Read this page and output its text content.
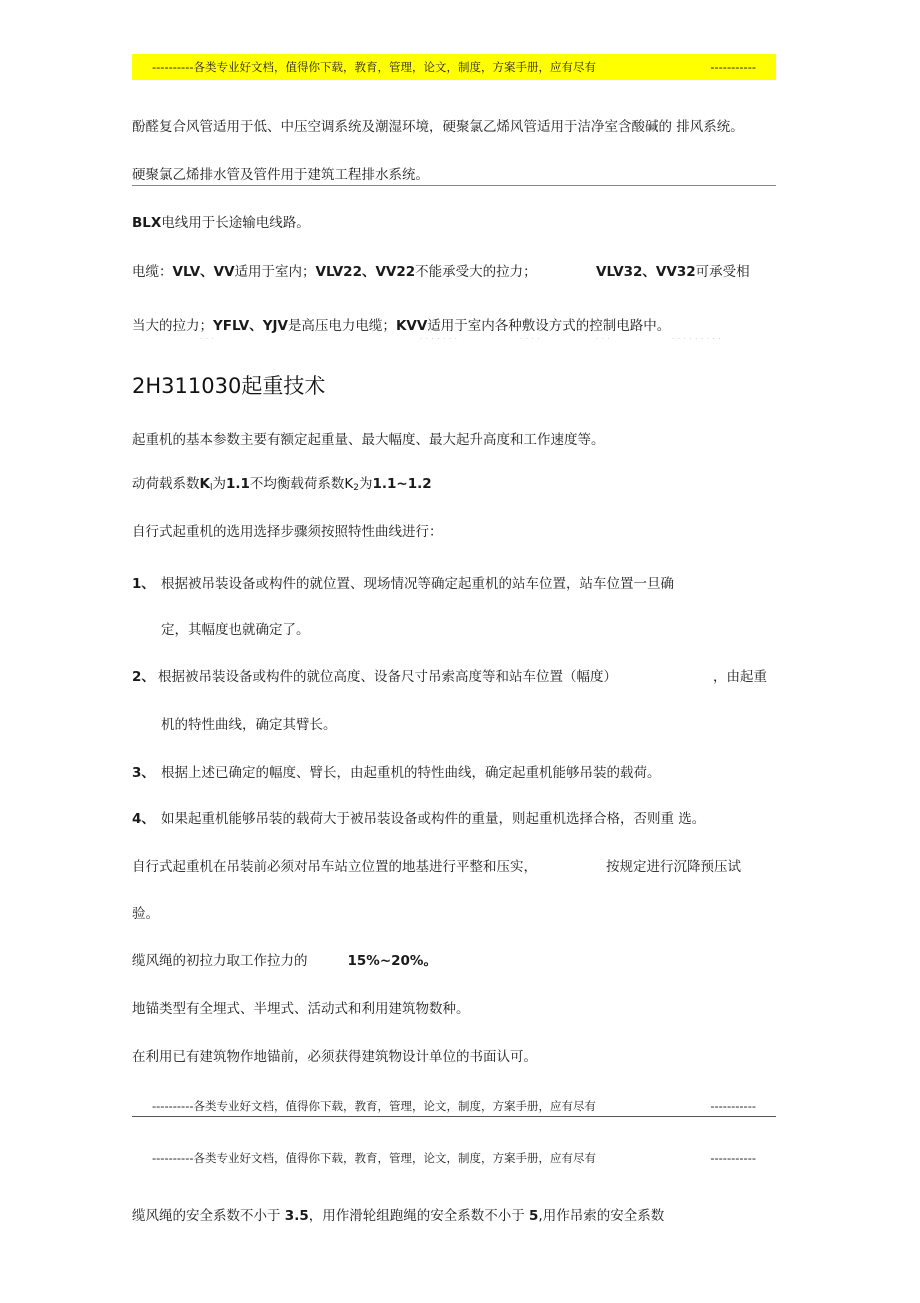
----------各类专业好文档，值得你下载，教育，管理，论文，制度，方案手册，应有尽有	-----------
酚醛复合风管适用于低、中压空调系统及潮湿环境，硬聚氯乙烯风管适用于洁净室含酸碱的 排风系统。
硬聚氯乙烯排水管及管件用于建筑工程排水系统。
BLX电线用于长途输电线路。
电缆：VLV、VV适用于室内；VLV22、VV22不能承受大的拉力；	VLV32、VV32可承受相
当大的拉力；YFLV、YJV是高压电力电缆；KVV适用于室内各种敷设方式的控制电路中。
· · ·	· · · · · · ·	· · · ·	· · ·	· · · · · · · · ·
2H311030起重技术
起重机的基本参数主要有额定起重量、最大幅度、最大起升高度和工作速度等。
动荷载系数$K_l$为1.1不均衡载荷系数$K_2$为1.1~1.2
自行式起重机的选用选择步骤须按照特性曲线进行：
1、 根据被吊装设备或构件的就位置、现场情况等确定起重机的站车位置，站车位置一旦确
定，其幅度也就确定了。
2、 根据被吊装设备或构件的就位高度、设备尺寸吊索高度等和站车位置（幅度）	，由起重
机的特性曲线，确定其臂长。
3、 根据上述已确定的幅度、臂长，由起重机的特性曲线，确定起重机能够吊装的载荷。
4、 如果起重机能够吊装的载荷大于被吊装设备或构件的重量，则起重机选择合格，否则重 选。
自行式起重机在吊装前必须对吊车站立位置的地基进行平整和压实，	按规定进行沉降预压试
验。
缆风绳的初拉力取工作拉力的	15%~20%。
地锚类型有全埋式、半埋式、活动式和利用建筑物数种。
在利用已有建筑物作地锚前，必须获得建筑物设计单位的书面认可。
----------各类专业好文档，值得你下载，教育，管理，论文，制度，方案手册，应有尽有	-----------
----------各类专业好文档，值得你下载，教育，管理，论文，制度，方案手册，应有尽有	-----------
缆风绳的安全系数不小于 3.5，用作滑轮组跑绳的安全系数不小于 5,用作吊索的安全系数
